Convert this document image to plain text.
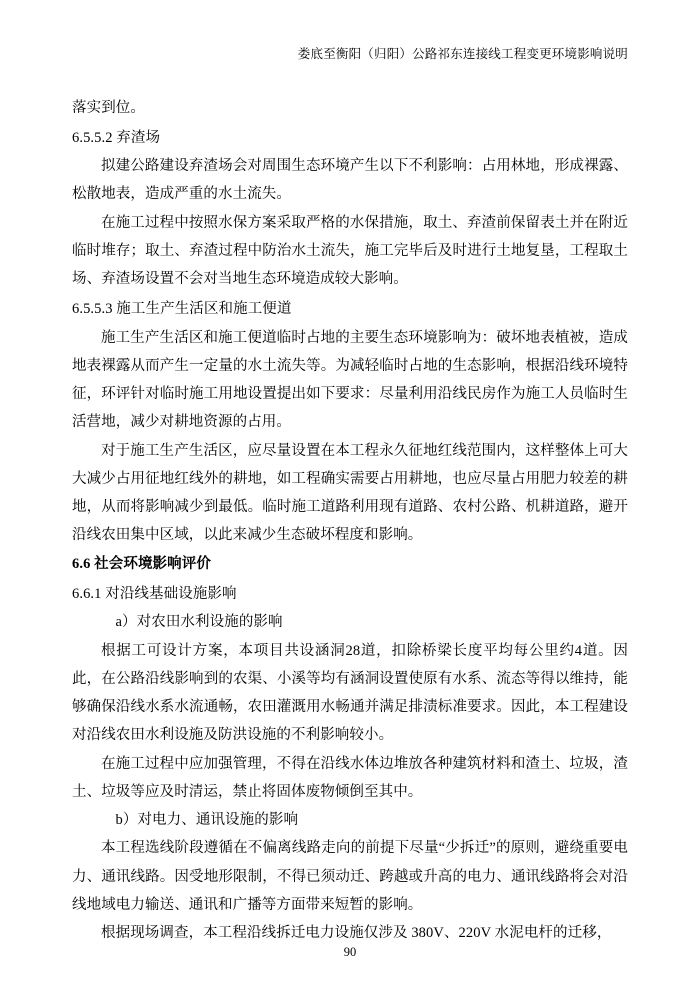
娄底至衡阳（归阳）公路祁东连接线工程变更环境影响说明

落实到位。

6.5.5.2 弃渣场

拟建公路建设弃渣场会对周围生态环境产生以下不利影响：占用林地，形成裸露、松散地表，造成严重的水土流失。

在施工过程中按照水保方案采取严格的水保措施，取土、弃渣前保留表土并在附近临时堆存；取土、弃渣过程中防治水土流失，施工完毕后及时进行土地复垦，工程取土场、弃渣场设置不会对当地生态环境造成较大影响。

6.5.5.3 施工生产生活区和施工便道

施工生产生活区和施工便道临时占地的主要生态环境影响为：破坏地表植被，造成地表裸露从而产生一定量的水土流失等。为减轻临时占地的生态影响，根据沿线环境特征，环评针对临时施工用地设置提出如下要求：尽量利用沿线民房作为施工人员临时生活营地，减少对耕地资源的占用。

对于施工生产生活区，应尽量设置在本工程永久征地红线范围内，这样整体上可大大减少占用征地红线外的耕地，如工程确实需要占用耕地，也应尽量占用肥力较差的耕地，从而将影响减少到最低。临时施工道路利用现有道路、农村公路、机耕道路，避开沿线农田集中区域，以此来减少生态破坏程度和影响。

6.6 社会环境影响评价

6.6.1 对沿线基础设施影响

a）对农田水利设施的影响

根据工可设计方案，本项目共设涵洞28道，扣除桥梁长度平均每公里约4道。因此，在公路沿线影响到的农渠、小溪等均有涵洞设置使原有水系、流态等得以维持，能够确保沿线水系水流通畅，农田灌溉用水畅通并满足排渍标准要求。因此，本工程建设对沿线农田水利设施及防洪设施的不利影响较小。

在施工过程中应加强管理，不得在沿线水体边堆放各种建筑材料和渣土、垃圾，渣土、垃圾等应及时清运，禁止将固体废物倾倒至其中。

b）对电力、通讯设施的影响

本工程选线阶段遵循在不偏离线路走向的前提下尽量“少拆迁”的原则，避绕重要电力、通讯线路。因受地形限制，不得已须动迁、跨越或升高的电力、通讯线路将会对沿线地域电力输送、通讯和广播等方面带来短暂的影响。

根据现场调查，本工程沿线拆迁电力设施仅涉及 380V、220V 水泥电杆的迁移，

90
